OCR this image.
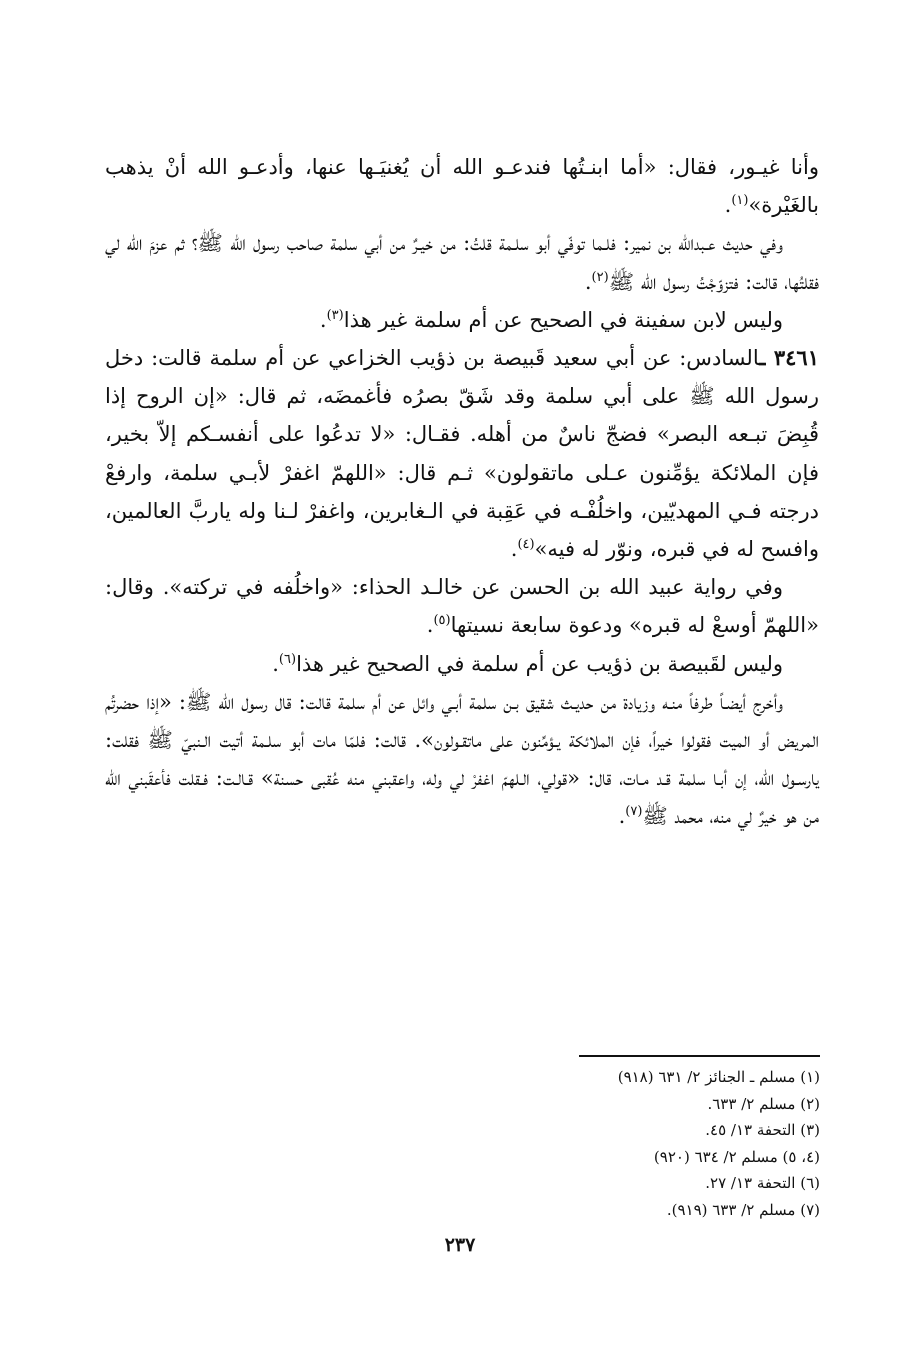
وأنا غيـور، فقال: «أما ابنـتُها فندعـو الله أن يُغنيَـها عنها، وأدعـو الله أنْ يذهب بالغَيْرة»$^{(١)}$.

وفي حديث عـبدالله بن نمير: فلـما توفّي أبو سلـمة قلتُ: من خيـرٌ من أبي سلمة صاحب رسول الله ﷺ؟ ثم عزمَ الله لي فقلتُها، قالت: فتزوّجْتُ رسول الله ﷺ$^{(٢)}$.

وليس لابن سفينة في الصحيح عن أم سلمة غير هذا$^{(٣)}$.

٣٤٦١ ـالسادس: عن أبي سعيد قَبيصة بن ذؤيب الخزاعي عن أم سلمة قالت: دخل رسول الله ﷺ على أبي سلمة وقد شَقّ بصرُه فأغمضَه، ثم قال: «إن الروح إذا قُبِضَ تبـعه البصر» فضجّ ناسٌ من أهله. فقـال: «لا تدعُوا على أنفسـكم إلاّ بخير، فإن الملائكة يؤمِّنون عـلى ماتقولون» ثـم قال: «اللهمّ اغفرْ لأبـي سلمة، وارفعْ درجته فـي المهديّين، واخلُفْـه في عَقِبة في الـغابرين، واغفرْ لـنا وله ياربَّ العالمين، وافسح له في قبره، ونوّر له فيه»$^{(٤)}$.

وفي رواية عبيد الله بن الحسن عن خالـد الحذاء: «واخلُفه في تركته». وقال: «اللهمّ أوسعْ له قبره» ودعوة سابعة نسيتها$^{(٥)}$.

وليس لقَبيصة بن ذؤيب عن أم سلمة في الصحيح غير هذا$^{(٦)}$.

وأخرج أيضـاً طرفاً منـه وزيادة من حديـث شقيق بـن سلمة أبـي وائل عن أم سلمة قالت: قال رسول الله ﷺ: «إذا حضرتُم المريض أو الميت فقولوا خيراً، فإن الملائكة يـؤمِّنون على ماتقـولون». قالت: فلمّا مات أبو سلـمة أتيت الـنبيّ ﷺ فقلت: يارسـول الله، إن أبـا سلمة قـد مـات، قال: «قولي، الـلهمّ اغفرْ لي وله، واعقبني منه عُقبى حسنة» قـالـت: فـقلت فأعقَبني الله من هو خيرٌ لي منه، محمد ﷺ$^{(٧)}$.

(١) مسلم ـ الجنائز ٢/ ٦٣١ (٩١٨)
(٢) مسلم ٢/ ٦٣٣.
(٣) التحفة ١٣/ ٤٥.
(٤، ٥) مسلم ٢/ ٦٣٤ (٩٢٠)
(٦) التحفة ١٣/ ٢٧.
(٧) مسلم ٢/ ٦٣٣ (٩١٩).
٢٣٧
